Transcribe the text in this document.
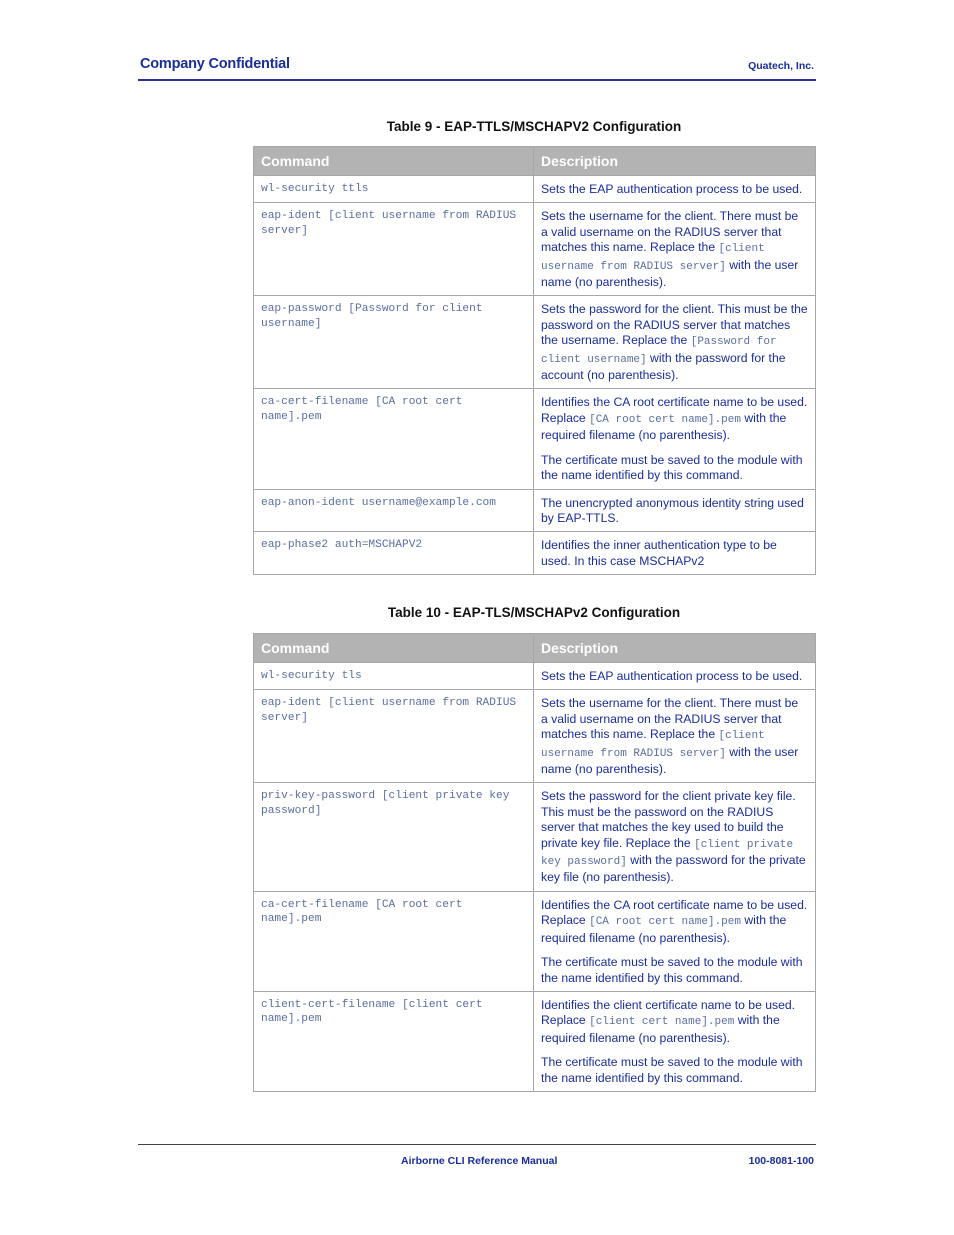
Company Confidential	Quatech, Inc.
Table 9 - EAP-TTLS/MSCHAPV2 Configuration
Command	Description
wl-security ttls	Sets the EAP authentication process to be used.
eap-ident [client username from RADIUS server]	Sets the username for the client. There must be a valid username on the RADIUS server that matches this name. Replace the [client username from RADIUS server] with the user name (no parenthesis).
eap-password [Password for client username]	Sets the password for the client. This must be the password on the RADIUS server that matches the username. Replace the [Password for client username] with the password for the account (no parenthesis).
ca-cert-filename [CA root cert name].pem	Identifies the CA root certificate name to be used. Replace [CA root cert name].pem with the required filename (no parenthesis).
The certificate must be saved to the module with the name identified by this command.

eap-anon-ident username@example.com	The unencrypted anonymous identity string used by EAP-TTLS.
eap-phase2 auth=MSCHAPV2	Identifies the inner authentication type to be used. In this case MSCHAPv2
Table 10 - EAP-TLS/MSCHAPv2 Configuration
Command	Description
wl-security tls	Sets the EAP authentication process to be used.
eap-ident [client username from RADIUS server]	Sets the username for the client. There must be a valid username on the RADIUS server that matches this name. Replace the [client username from RADIUS server] with the user name (no parenthesis).
priv-key-password [client private key password]	Sets the password for the client private key file. This must be the password on the RADIUS server that matches the key used to build the private key file. Replace the [client private key password] with the password for the private key file (no parenthesis).
ca-cert-filename [CA root cert name].pem	Identifies the CA root certificate name to be used. Replace [CA root cert name].pem with the required filename (no parenthesis).
The certificate must be saved to the module with the name identified by this command.

client-cert-filename [client cert name].pem	Identifies the client certificate name to be used. Replace [client cert name].pem with the required filename (no parenthesis).
The certificate must be saved to the module with the name identified by this command.
Airborne CLI Reference Manual	100-8081-100
